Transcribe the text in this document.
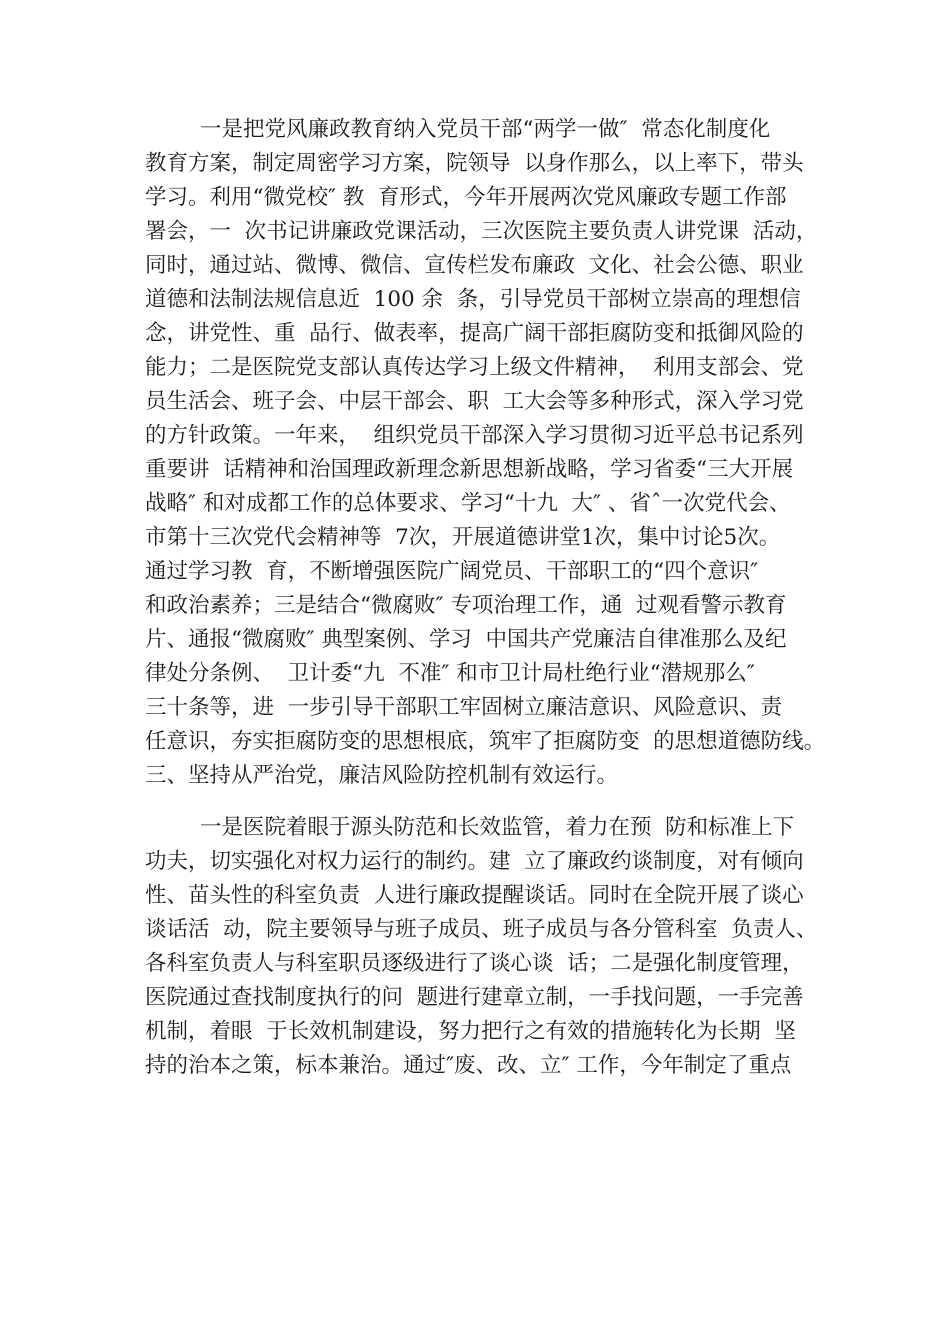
一是把党风廉政教育纳入党员干部“两学一做″  常态化制度化
教育方案，制定周密学习方案，院领导  以身作那么，以上率下，带头
学习。利用“微党校″ 教  育形式，今年开展两次党风廉政专题工作部
署会，一  次书记讲廉政党课活动，三次医院主要负责人讲党课  活动，
同时，通过站、微博、微信、宣传栏发布廉政  文化、社会公德、职业
道德和法制法规信息近  100 余  条，引导党员干部树立崇高的理想信
念，讲党性、重  品行、做表率，提高广阔干部拒腐防变和抵御风险的
能力；二是医院党支部认真传达学习上级文件精神，  利用支部会、党
员生活会、班子会、中层干部会、职  工大会等多种形式，深入学习党
的方针政策。一年来，  组织党员干部深入学习贯彻习近平总书记系列
重要讲  话精神和治国理政新理念新思想新战略，学习省委“三大开展
战略″ 和对成都工作的总体要求、学习“十九  大″ 、省ˆ一次党代会、
市第十三次党代会精神等  7次，开展道德讲堂1次，集中讨论5次。
通过学习教  育，不断增强医院广阔党员、干部职工的“四个意识″
和政治素养；三是结合“微腐败″ 专项治理工作，通  过观看警示教育
片、通报“微腐败″ 典型案例、学习  中国共产党廉洁自律准那么及纪
律处分条例、  卫计委“九  不准″ 和市卫计局杜绝行业“潜规那么″
三十条等，进  一步引导干部职工牢固树立廉洁意识、风险意识、责
任意识，夯实拒腐防变的思想根底，筑牢了拒腐防变  的思想道德防线。
三、坚持从严治党，廉洁风险防控机制有效运行。
一是医院着眼于源头防范和长效监管，着力在预  防和标准上下
功夫，切实强化对权力运行的制约。建  立了廉政约谈制度，对有倾向
性、苗头性的科室负责  人进行廉政提醒谈话。同时在全院开展了谈心
谈话活  动，院主要领导与班子成员、班子成员与各分管科室  负责人、
各科室负责人与科室职员逐级进行了谈心谈  话；二是强化制度管理，
医院通过查找制度执行的问  题进行建章立制，一手找问题，一手完善
机制，着眼  于长效机制建设，努力把行之有效的措施转化为长期  坚
持的治本之策，标本兼治。通过″废、改、立″ 工作，今年制定了重点
